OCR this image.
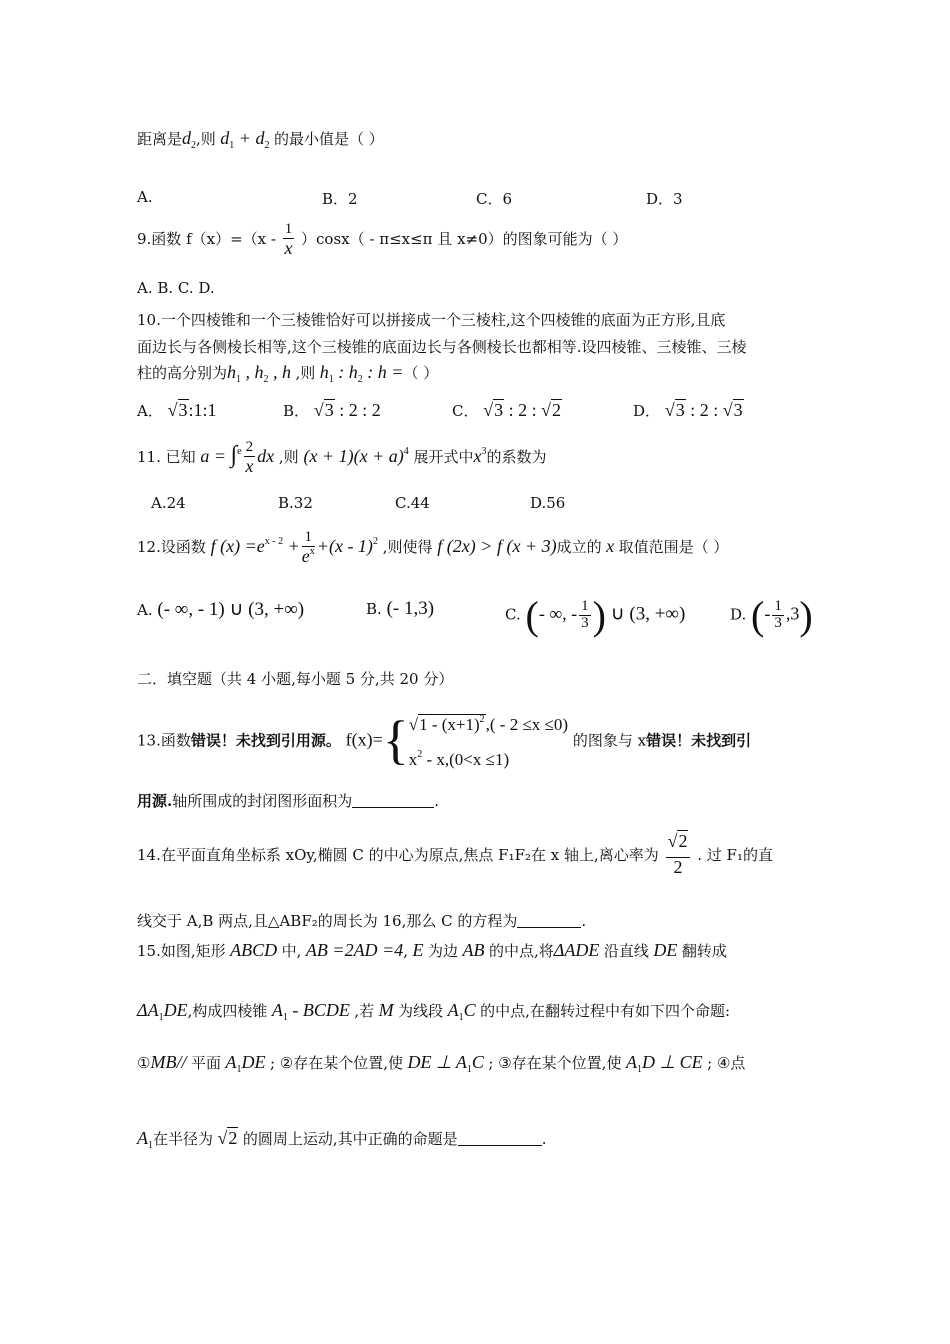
距离是$d_2$,则 $d_1 + d_2$ 的最小值是（ ）
A.	B．2	C．6	D．3
9.函数 $f(x)=(x - \frac{1}{x} )\cos x( - \pi\le x\le\pi$ 且 x≠0）的图象可能为（ ）
A. B. C. D.
10.一个四棱锥和一个三棱锥恰好可以拼接成一个三棱柱,这个四棱锥的底面为正方形,且底
面边长与各侧棱长相等,这个三棱锥的底面边长与各侧棱长也都相等.设四棱锥、三棱锥、三棱
柱的高分别为$h_1$ , $h_2$ , h ,则 $h_1$ : $h_2$ : h =（ ）
A． √3:1:1	B． √3 : 2 : 2	C． √3 : 2 : √2	D． √3 : 2 : √3
11. 已知 $a = \int^e \frac{2}{x}$ dx ,则 $(x + 1)(x + a)^4$ 展开式中$x^3$的系数为
A.24	B.32	C.44	D.56
12.设函数 f $(x) =e^{x - 2} + \frac{1}{e^x} +(x - 1)^2$ ,则使得 f (2x) > f (x + 3)成立的 x 取值范围是（ ）
A. (- ∞, - 1) ∪ (3, +∞)	B. (- 1,3)	C. (- ∞, - $\frac{1}{3}$ ) ∪ (3, +∞)	D. (- $\frac{1}{3} ,3$)
二．填空题（共 4 小题,每小题 5 分,共 20 分）
13.函数错误！未找到引用源。 $f(x)=\{√1 - (x+1)^2,( - 2 \le x \le 0)$
$x^2 - x,(0<x \le 1)$ 的图象与 x错误！未找到引
用源.轴所围成的封闭图形面积为	.
14.在平面直角坐标系 xOy,椭圆 C 的中心为原点,焦点 F₁F₂在 x 轴上,离心率为 $\frac{√2}{2}$ . 过 F₁的直
线交于 A,B 两点,且△ABF₂的周长为 16,那么 C 的方程为	.
15.如图,矩形 ABCD 中, AB =2AD =4, E 为边 AB 的中点,将ΔADE 沿直线 DE 翻转成
$\Delta A_1DE$,构成四棱锥 $A_1$ - BCDE ,若 M 为线段 $A_1C$ 的中点,在翻转过程中有如下四个命题:
①MB// 平面 $A_1DE$ ; ②存在某个位置,使 DE ⊥ $A_1C$ ; ③存在某个位置,使 $A_1D$ ⊥ CE ; ④点
$A_1$在半径为 √2 的圆周上运动,其中正确的命题是	.
